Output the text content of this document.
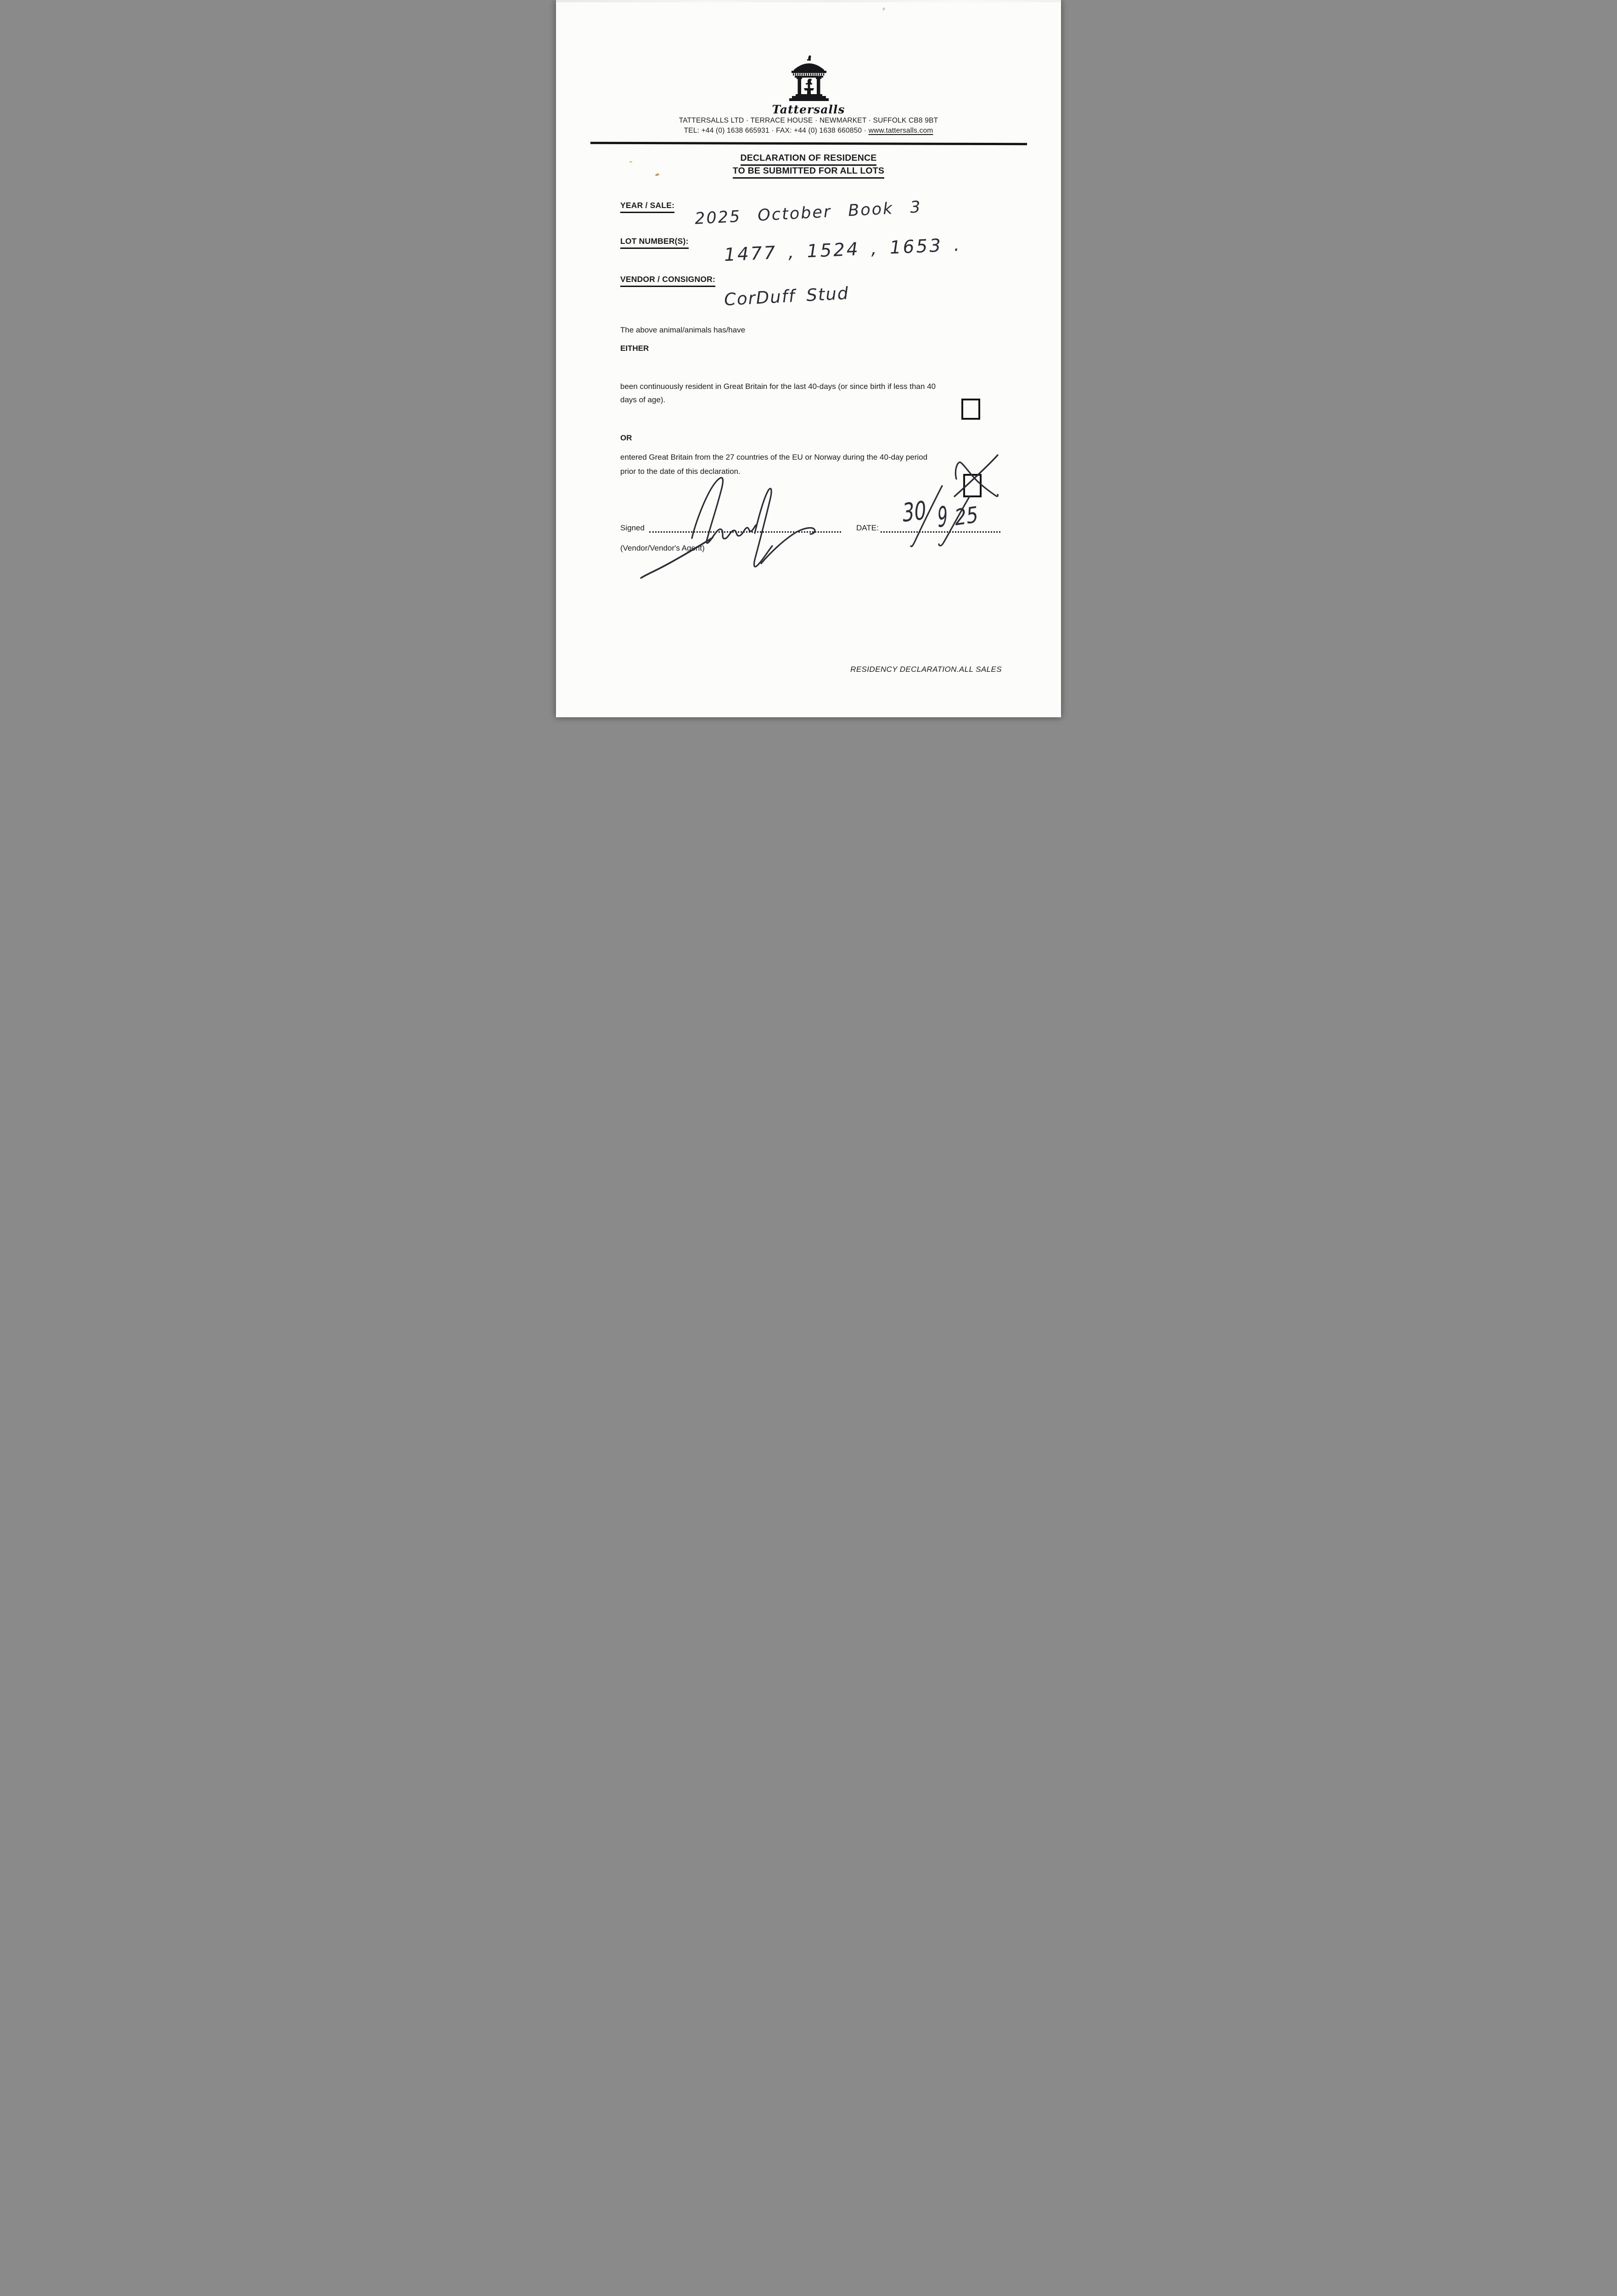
Tattersalls
TATTERSALLS LTD · TERRACE HOUSE · NEWMARKET · SUFFOLK CB8 9BT
TEL: +44 (0) 1638 665931 · FAX: +44 (0) 1638 660850 · www.tattersalls.com
DECLARATION OF RESIDENCE
TO BE SUBMITTED FOR ALL LOTS
YEAR / SALE: 2025 October Book 3
LOT NUMBER(S): 1477 , 1524 , 1653 .
VENDOR / CONSIGNOR:
CorDuff Stud
The above animal/animals has/have
EITHER
been continuously resident in Great Britain for the last 40-days (or since birth if less than 40
days of age).
OR
entered Great Britain from the 27 countries of the EU or Norway during the 40-day period
prior to the date of this declaration.
Signed	DATE: 30 9 25
(Vendor/Vendor's Agent)
RESIDENCY DECLARATION.ALL SALES
